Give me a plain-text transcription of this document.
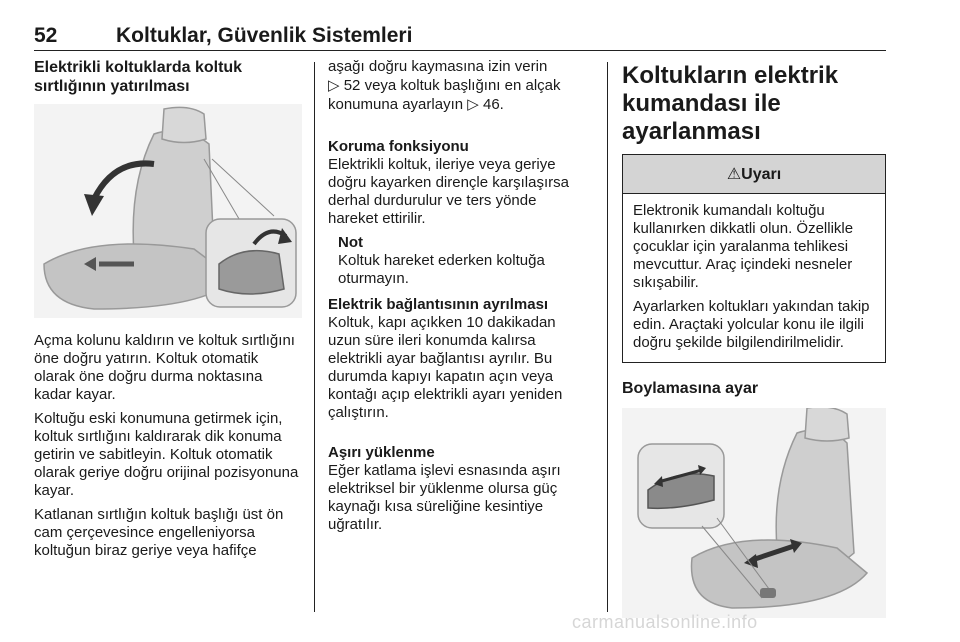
52	Koltuklar, Güvenlik Sistemleri
Elektrikli koltuklarda koltuk sırtlığının yatırılması

Açma kolunu kaldırın ve koltuk sırtlığını öne doğru yatırın. Koltuk otomatik olarak öne doğru durma noktasına kadar kayar.

Koltuğu eski konumuna getirmek için, koltuk sırtlığını kaldırarak dik konuma getirin ve sabitleyin. Koltuk otomatik olarak geriye doğru orijinal pozisyonuna kayar.

Katlanan sırtlığın koltuk başlığı üst ön cam çerçevesince engelleniyorsa koltuğun biraz geriye veya hafifçe

aşağı doğru kaymasına izin verin
▷ 52 veya koltuk başlığını en alçak konumuna ayarlayın ▷ 46.

Koruma fonksiyonu

Elektrikli koltuk, ileriye veya geriye doğru kayarken dirençle karşılaşırsa derhal durdurulur ve ters yönde hareket ettirilir.

Not

Koltuk hareket ederken koltuğa oturmayın.

Elektrik bağlantısının ayrılması

Koltuk, kapı açıkken 10 dakikadan uzun süre ileri konumda kalırsa elektrikli ayar bağlantısı ayrılır. Bu durumda kapıyı kapatın açın veya kontağı açıp elektrikli ayarı yeniden çalıştırın.

Aşırı yüklenme

Eğer katlama işlevi esnasında aşırı elektriksel bir yüklenme olursa güç kaynağı kısa süreliğine kesintiye uğratılır.

Koltukların elektrik kumandası ile ayarlanması
⚠Uyarı

Elektronik kumandalı koltuğu kullanırken dikkatli olun. Özellikle çocuklar için yaralanma tehlikesi mevcuttur. Araç içindeki nesneler sıkışabilir.

Ayarlarken koltukları yakından takip edin. Araçtaki yolcular konu ile ilgili doğru şekilde bilgilendirilmelidir.

Boylamasına ayar
carmanualsonline.info
